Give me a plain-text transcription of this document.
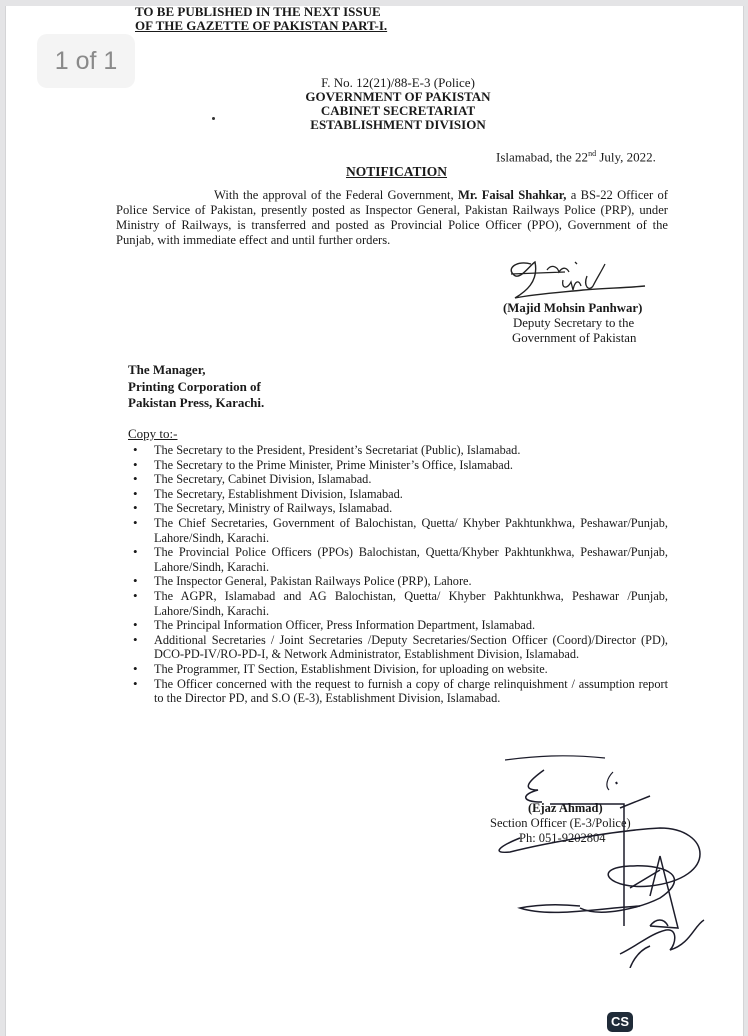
1 of 1
TO BE PUBLISHED IN THE NEXT ISSUE
OF THE GAZETTE OF PAKISTAN PART-I.
F. No. 12(21)/88-E-3 (Police)
GOVERNMENT OF PAKISTAN
CABINET SECRETARIAT
ESTABLISHMENT DIVISION
Islamabad, the 22nd July, 2022.
NOTIFICATION
With the approval of the Federal Government, Mr. Faisal Shahkar, a BS-22 Officer of Police Service of Pakistan, presently posted as Inspector General, Pakistan Railways Police (PRP), under Ministry of Railways, is transferred and posted as Provincial Police Officer (PPO), Government of the Punjab, with immediate effect and until further orders.
(Majid Mohsin Panhwar)
Deputy Secretary to the
Government of Pakistan
The Manager,
Printing Corporation of
Pakistan Press, Karachi.
Copy to:-
• The Secretary to the President, President’s Secretariat (Public), Islamabad.
• The Secretary to the Prime Minister, Prime Minister’s Office, Islamabad.
• The Secretary, Cabinet Division, Islamabad.
• The Secretary, Establishment Division, Islamabad.
• The Secretary, Ministry of Railways, Islamabad.
• The Chief Secretaries, Government of Balochistan, Quetta/ Khyber Pakhtunkhwa, Peshawar/Punjab, Lahore/Sindh, Karachi.
• The Provincial Police Officers (PPOs) Balochistan, Quetta/Khyber Pakhtunkhwa, Peshawar/Punjab, Lahore/Sindh, Karachi.
• The Inspector General, Pakistan Railways Police (PRP), Lahore.
• The AGPR, Islamabad and AG Balochistan, Quetta/ Khyber Pakhtunkhwa, Peshawar /Punjab, Lahore/Sindh, Karachi.
• The Principal Information Officer, Press Information Department, Islamabad.
• Additional Secretaries / Joint Secretaries /Deputy Secretaries/Section Officer (Coord)/Director (PD), DCO-PD-IV/RO-PD-I, & Network Administrator, Establishment Division, Islamabad.
• The Programmer, IT Section, Establishment Division, for uploading on website.
• The Officer concerned with the request to furnish a copy of charge relinquishment / assumption report to the Director PD, and S.O (E-3), Establishment Division, Islamabad.
(Ejaz Ahmad)
Section Officer (E-3/Police)
Ph: 051-9202804
CS
